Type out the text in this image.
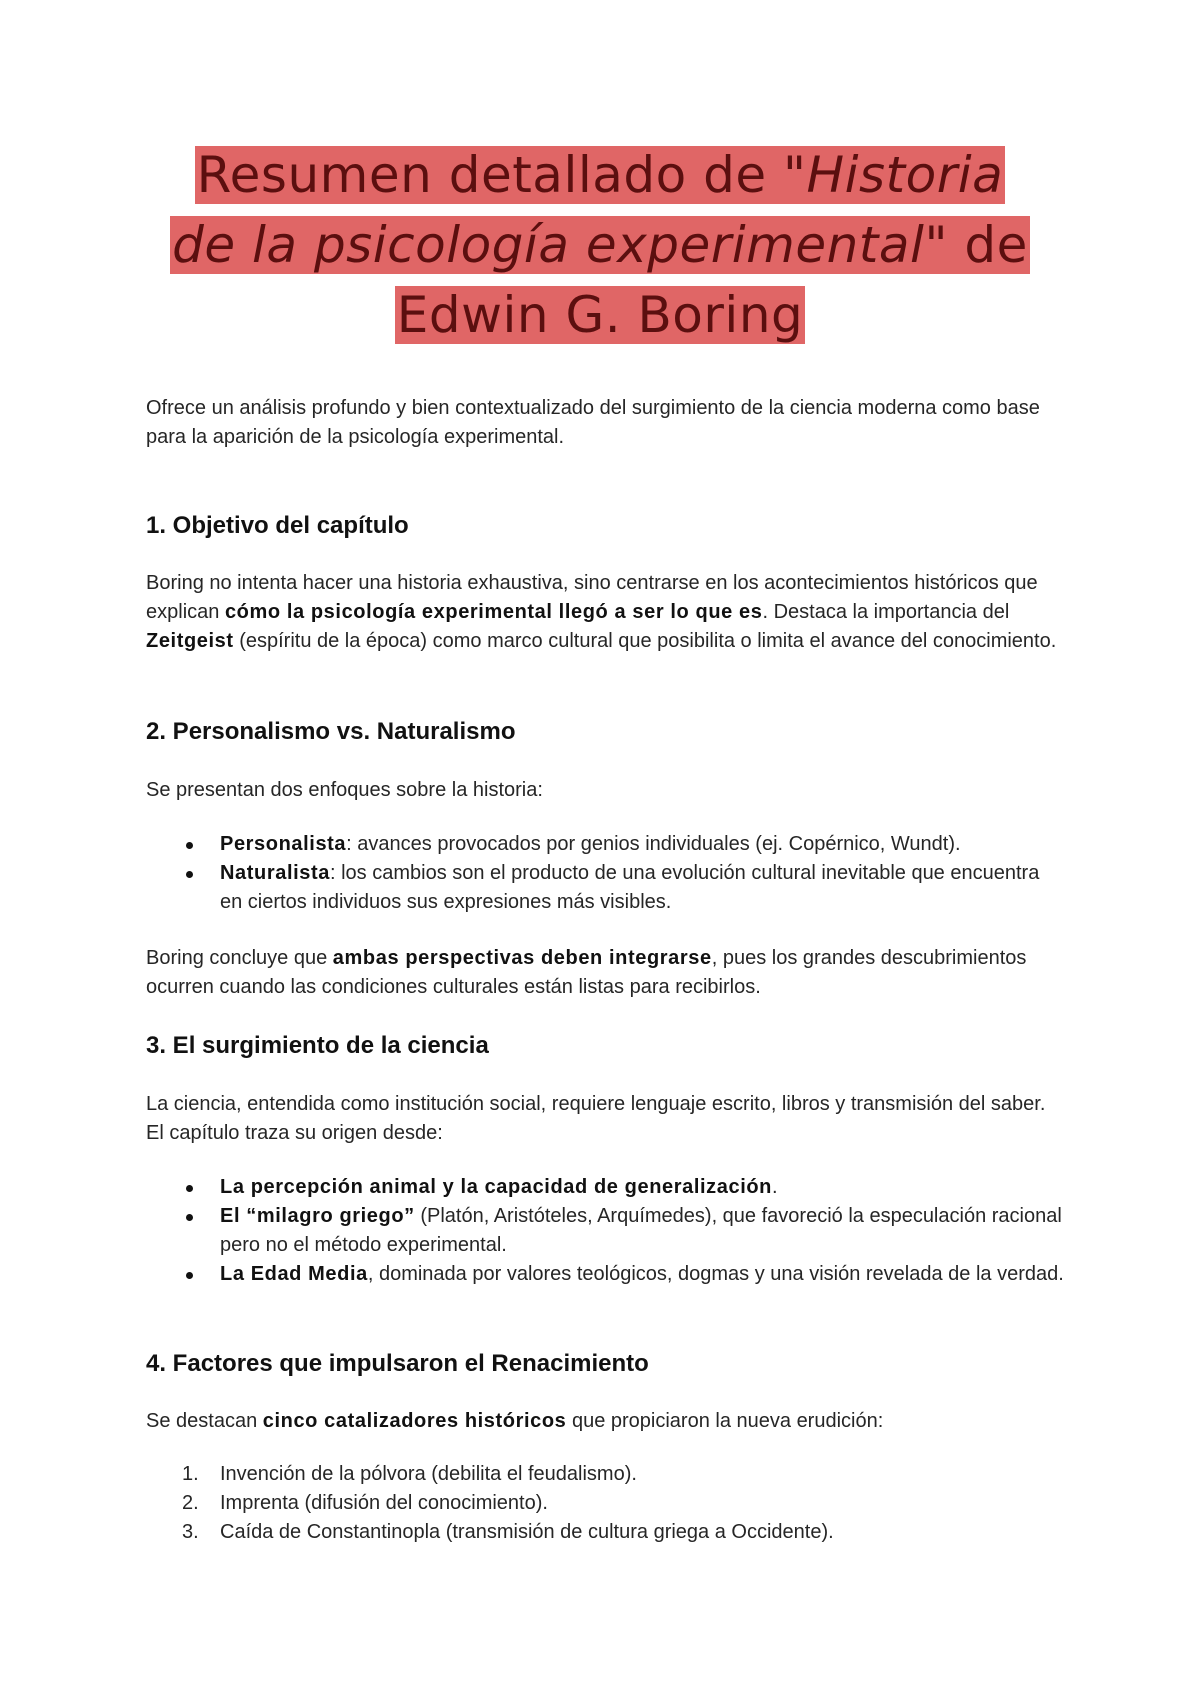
Resumen detallado de "Historia
de la psicología experimental" de
Edwin G. Boring

Ofrece un análisis profundo y bien contextualizado del surgimiento de la ciencia moderna como base para la aparición de la psicología experimental.

1. Objetivo del capítulo

Boring no intenta hacer una historia exhaustiva, sino centrarse en los acontecimientos históricos que explican cómo la psicología experimental llegó a ser lo que es. Destaca la importancia del Zeitgeist (espíritu de la época) como marco cultural que posibilita o limita el avance del conocimiento.

2. Personalismo vs. Naturalismo

Se presentan dos enfoques sobre la historia:

Personalista: avances provocados por genios individuales (ej. Copérnico, Wundt).
Naturalista: los cambios son el producto de una evolución cultural inevitable que encuentra en ciertos individuos sus expresiones más visibles.

Boring concluye que ambas perspectivas deben integrarse, pues los grandes descubrimientos ocurren cuando las condiciones culturales están listas para recibirlos.

3. El surgimiento de la ciencia

La ciencia, entendida como institución social, requiere lenguaje escrito, libros y transmisión del saber. El capítulo traza su origen desde:

La percepción animal y la capacidad de generalización.
El “milagro griego” (Platón, Aristóteles, Arquímedes), que favoreció la especulación racional pero no el método experimental.
La Edad Media, dominada por valores teológicos, dogmas y una visión revelada de la verdad.
4. Factores que impulsaron el Renacimiento

Se destacan cinco catalizadores históricos que propiciaron la nueva erudición:

1. Invención de la pólvora (debilita el feudalismo).
2. Imprenta (difusión del conocimiento).
3. Caída de Constantinopla (transmisión de cultura griega a Occidente).
